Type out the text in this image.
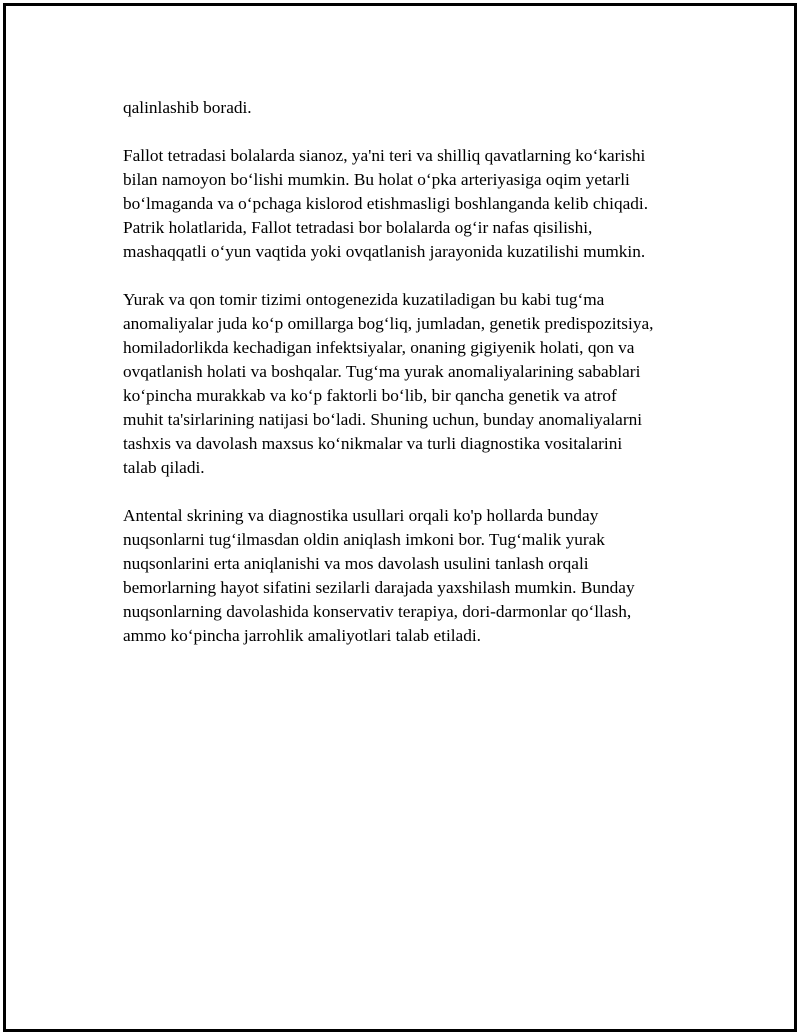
qalinlashib boradi.

Fallot tetradasi bolalarda sianoz, ya'ni teri va shilliq qavatlarning ko‘karishi
bilan namoyon bo‘lishi mumkin. Bu holat o‘pka arteriyasiga oqim yetarli
bo‘lmaganda va o‘pchaga kislorod etishmasligi boshlanganda kelib chiqadi.
Patrik holatlarida, Fallot tetradasi bor bolalarda og‘ir nafas qisilishi,
mashaqqatli o‘yun vaqtida yoki ovqatlanish jarayonida kuzatilishi mumkin.

Yurak va qon tomir tizimi ontogenezida kuzatiladigan bu kabi tug‘ma
anomaliyalar juda ko‘p omillarga bog‘liq, jumladan, genetik predispozitsiya,
homiladorlikda kechadigan infektsiyalar, onaning gigiyenik holati, qon va
ovqatlanish holati va boshqalar. Tug‘ma yurak anomaliyalarining sabablari
ko‘pincha murakkab va ko‘p faktorli bo‘lib, bir qancha genetik va atrof
muhit ta'sirlarining natijasi bo‘ladi. Shuning uchun, bunday anomaliyalarni
tashxis va davolash maxsus ko‘nikmalar va turli diagnostika vositalarini
talab qiladi.

Antental skrining va diagnostika usullari orqali ko'p hollarda bunday
nuqsonlarni tug‘ilmasdan oldin aniqlash imkoni bor. Tug‘malik yurak
nuqsonlarini erta aniqlanishi va mos davolash usulini tanlash orqali
bemorlarning hayot sifatini sezilarli darajada yaxshilash mumkin. Bunday
nuqsonlarning davolashida konservativ terapiya, dori-darmonlar qo‘llash,
ammo ko‘pincha jarrohlik amaliyotlari talab etiladi.
